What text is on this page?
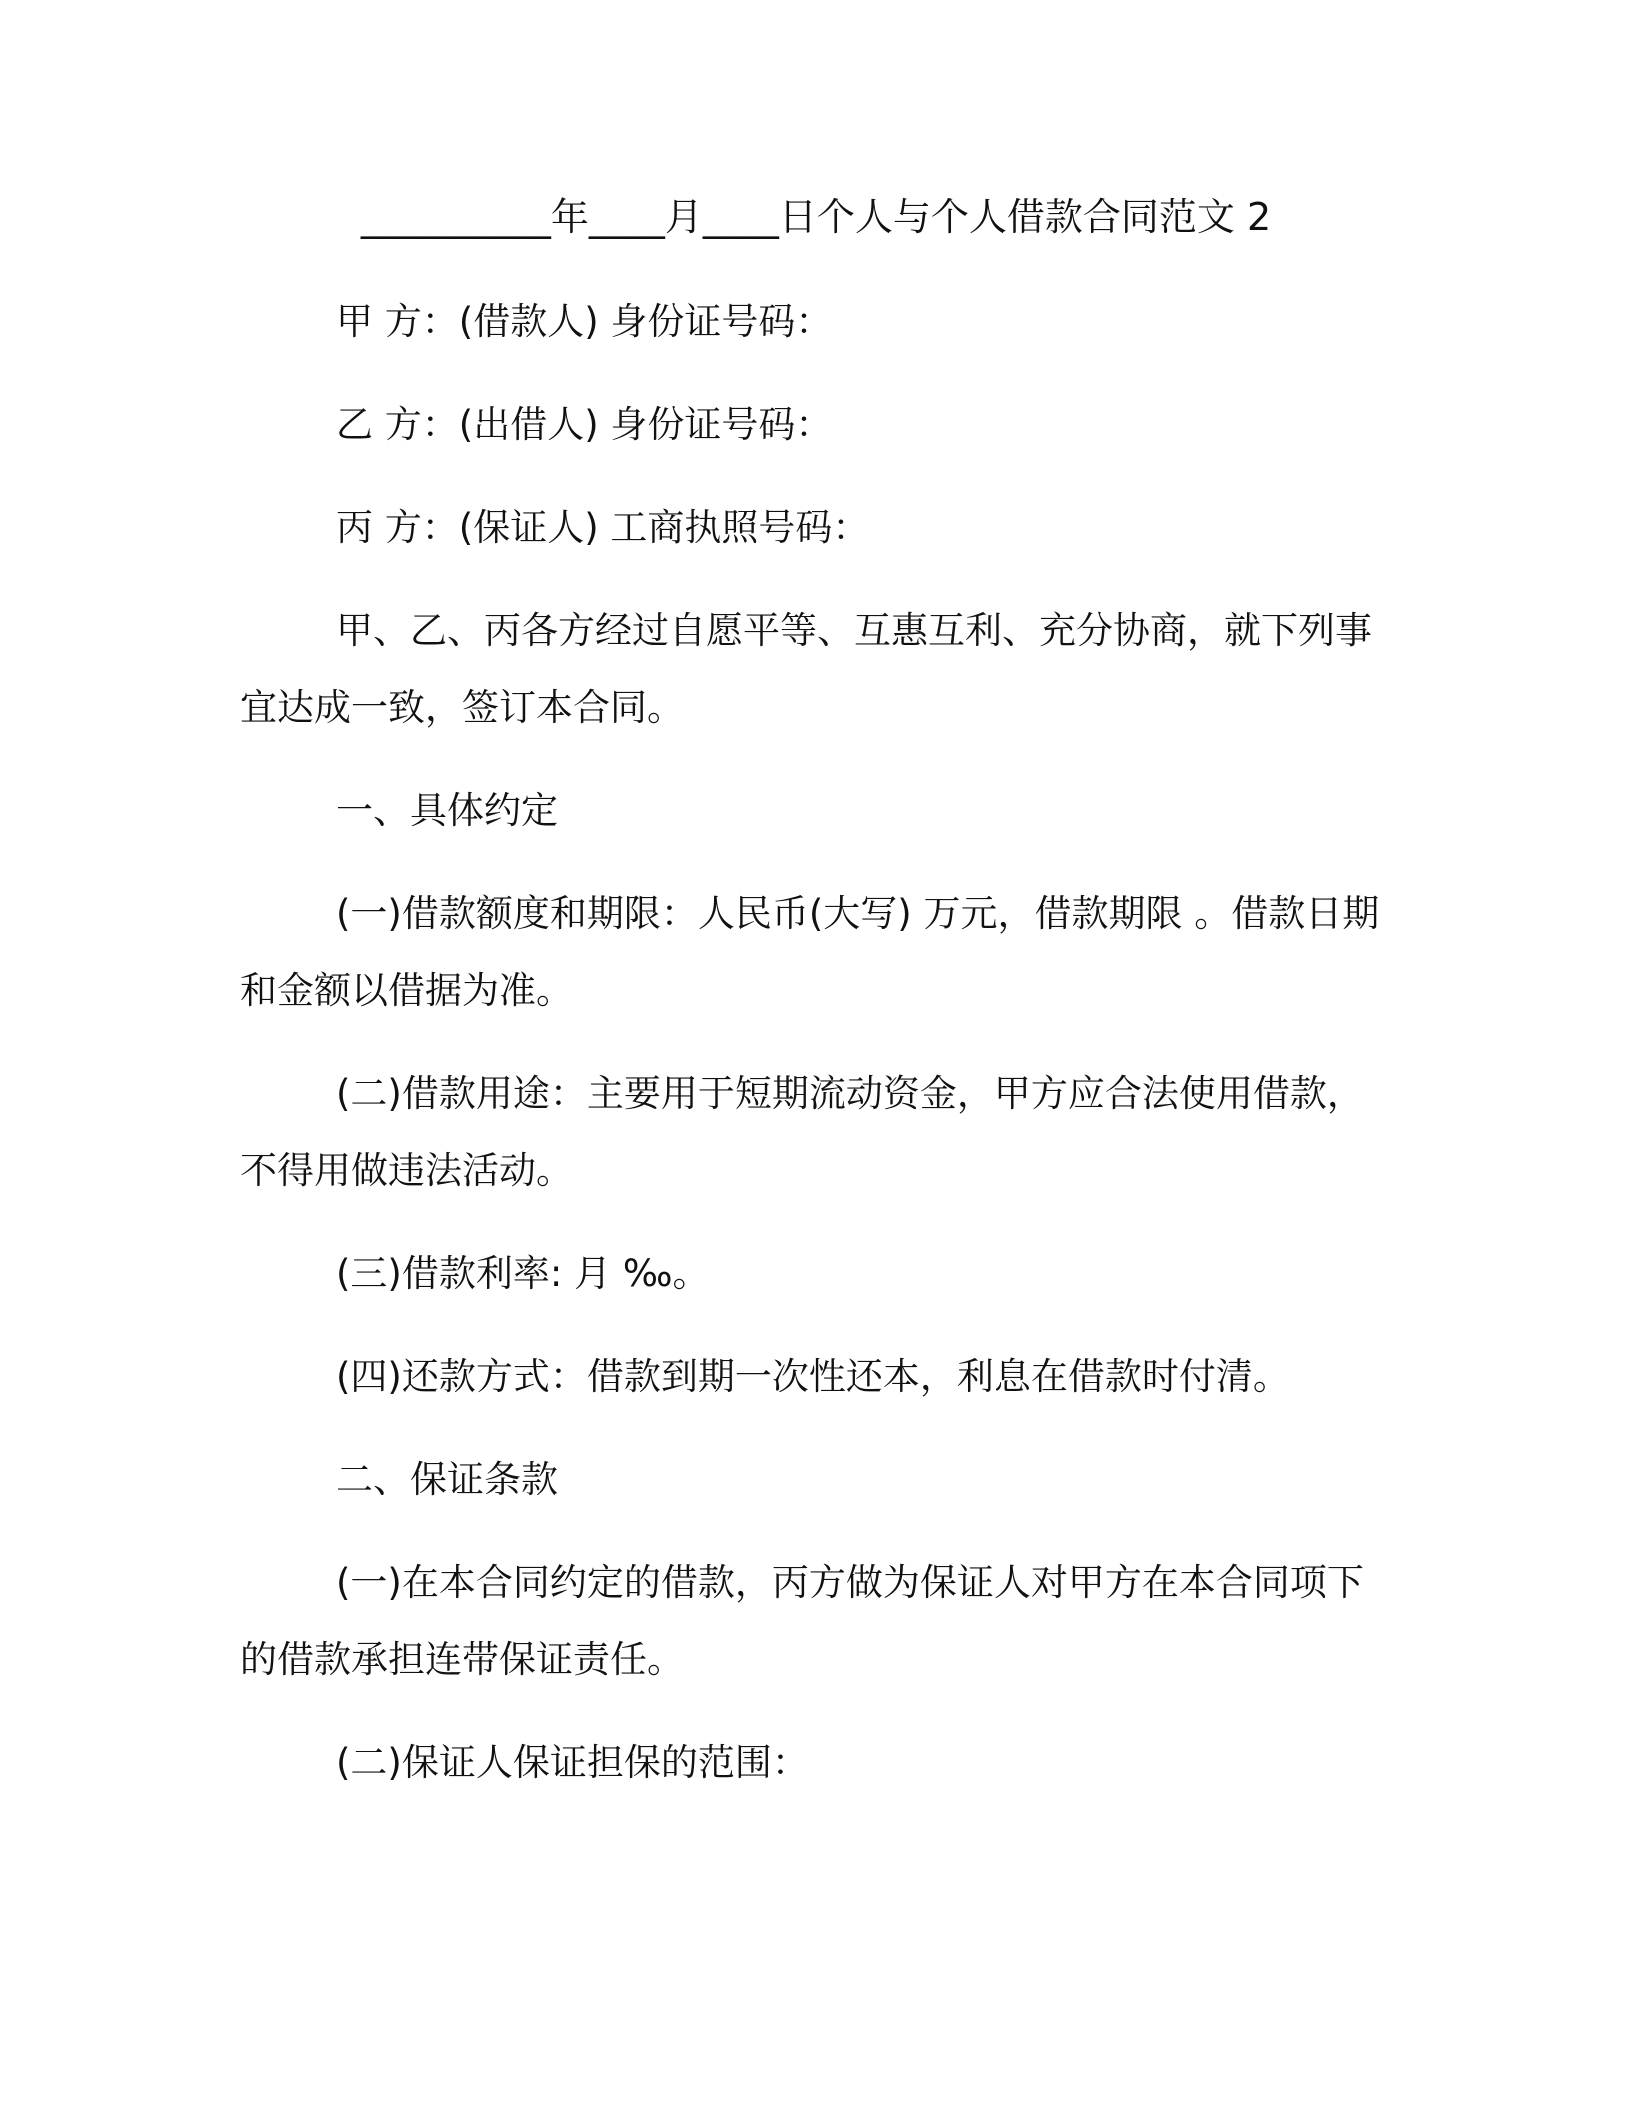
__________年____月____日个人与个人借款合同范文 2

甲 方：(借款人) 身份证号码：

乙 方：(出借人) 身份证号码：

丙 方：(保证人) 工商执照号码：

甲、乙、丙各方经过自愿平等、互惠互利、充分协商，就下列事宜达成一致，签订本合同。

一、具体约定

(一)借款额度和期限：人民币(大写) 万元，借款期限 。借款日期和金额以借据为准。

(二)借款用途：主要用于短期流动资金，甲方应合法使用借款，不得用做违法活动。

(三)借款利率: 月 ‰。

(四)还款方式：借款到期一次性还本，利息在借款时付清。

二、保证条款

(一)在本合同约定的借款，丙方做为保证人对甲方在本合同项下的借款承担连带保证责任。

(二)保证人保证担保的范围：
